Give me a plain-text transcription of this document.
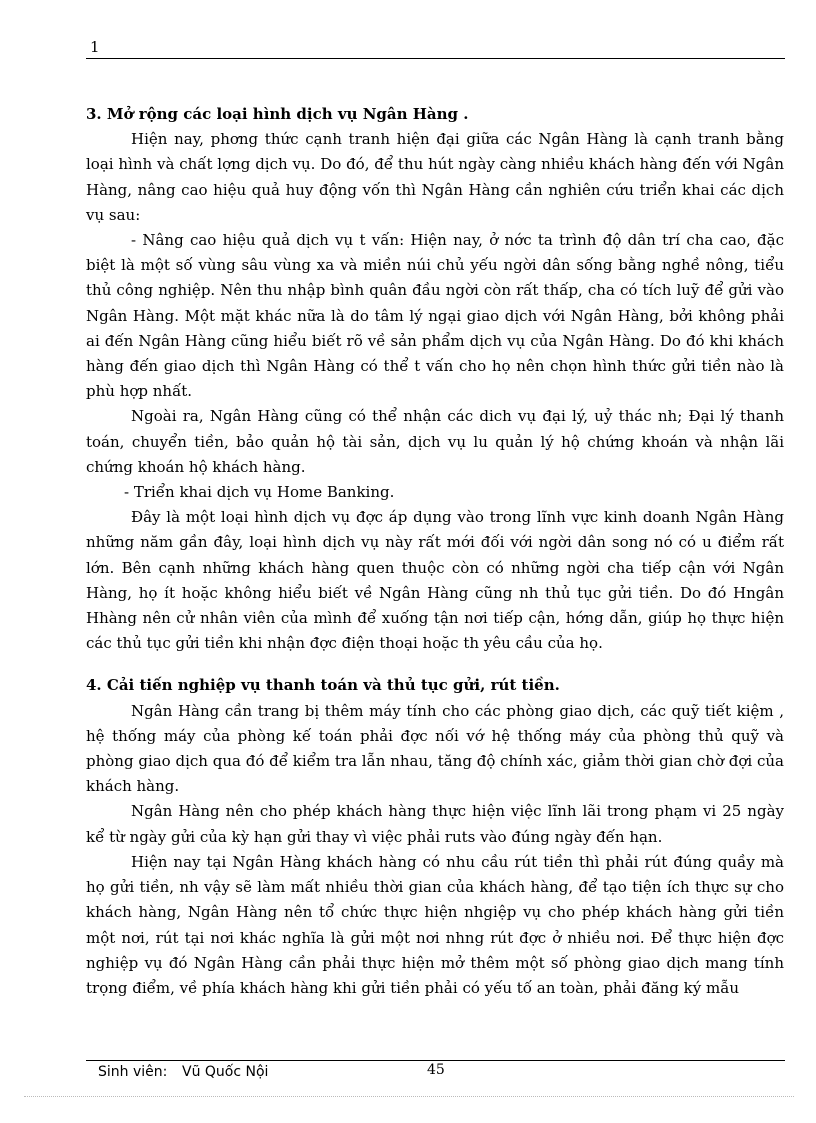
1
3. Mở rộng các loại hình dịch vụ Ngân Hàng .

Hiện nay, phơng thức cạnh tranh hiện đại giữa các Ngân Hàng là cạnh tranh bằng loại hình và chất lợng dịch vụ. Do đó, để thu hút ngày càng nhiều khách hàng đến với Ngân Hàng, nâng cao hiệu quả huy động vốn thì Ngân Hàng cần nghiên cứu triển khai các dịch vụ sau:

- Nâng cao hiệu quả dịch vụ t vấn: Hiện nay, ở nớc ta trình độ dân trí cha cao, đặc biệt là một số vùng sâu vùng xa và miền núi chủ yếu ngời dân sống bằng nghề nông, tiểu thủ công nghiệp. Nên thu nhập bình quân đầu ngời còn rất thấp, cha có tích luỹ để gửi vào Ngân Hàng. Một mặt khác nữa là do tâm lý ngại giao dịch với Ngân Hàng, bởi không phải ai đến Ngân Hàng cũng hiểu biết rõ về sản phẩm dịch vụ của Ngân Hàng. Do đó khi khách hàng đến giao dịch thì Ngân Hàng có thể t vấn cho họ nên chọn hình thức gửi tiền nào là phù hợp nhất.

Ngoài ra, Ngân Hàng cũng có thể nhận các dich vụ đại lý, uỷ thác nh; Đại lý thanh toán, chuyển tiền, bảo quản hộ tài sản, dịch vụ lu quản lý hộ chứng khoán và nhận lãi chứng khoán hộ khách hàng.

- Triển khai dịch vụ Home Banking.

Đây là một loại hình dịch vụ đợc áp dụng vào trong lĩnh vực kinh doanh Ngân Hàng những năm gần đây, loại hình dịch vụ này rất mới đối với ngời dân song nó có u điểm rất lớn. Bên cạnh những khách hàng quen thuộc còn có những ngời cha tiếp cận với Ngân Hàng, họ ít hoặc không hiểu biết về Ngân Hàng cũng nh thủ tục gửi tiền. Do đó Hngân Hhàng nên cử nhân viên của mình để xuống tận nơi tiếp cận, hớng dẫn, giúp họ thực hiện các thủ tục gửi tiền khi nhận đợc điện thoại hoặc th yêu cầu của họ.

4. Cải tiến nghiệp vụ thanh toán và thủ tục gửi, rút tiền.

Ngân Hàng cần trang bị thêm máy tính cho các phòng giao dịch, các quỹ tiết kiệm , hệ thống máy của phòng kế toán phải đợc nối vớ hệ thống máy của phòng thủ quỹ và phòng giao dịch qua đó để kiểm tra lẫn nhau, tăng độ chính xác, giảm thời gian chờ đợi của khách hàng.

Ngân Hàng nên cho phép khách hàng thực hiện việc lĩnh lãi trong phạm vi 25 ngày kể từ ngày gửi của kỳ hạn gửi thay vì việc phải ruts vào đúng ngày đến hạn.

Hiện nay tại Ngân Hàng khách hàng có nhu cầu rút tiền thì phải rút đúng quầy mà họ gửi tiền, nh vậy sẽ làm mất nhiều thời gian của khách hàng, để tạo tiện ích thực sự cho khách hàng, Ngân Hàng nên tổ chức thực hiện nhgiệp vụ cho phép khách hàng gửi tiền một nơi, rút tại nơi khác nghĩa là gửi một nơi nhng rút đợc ở nhiều nơi. Để thực hiện đợc nghiệp vụ đó Ngân Hàng cần phải thực hiện mở thêm một số phòng giao dịch mang tính trọng điểm, về phía khách hàng khi gửi tiền phải có yếu tố an toàn, phải đăng ký mẫu

Sinh viên: Vũ Quốc Nội	45
